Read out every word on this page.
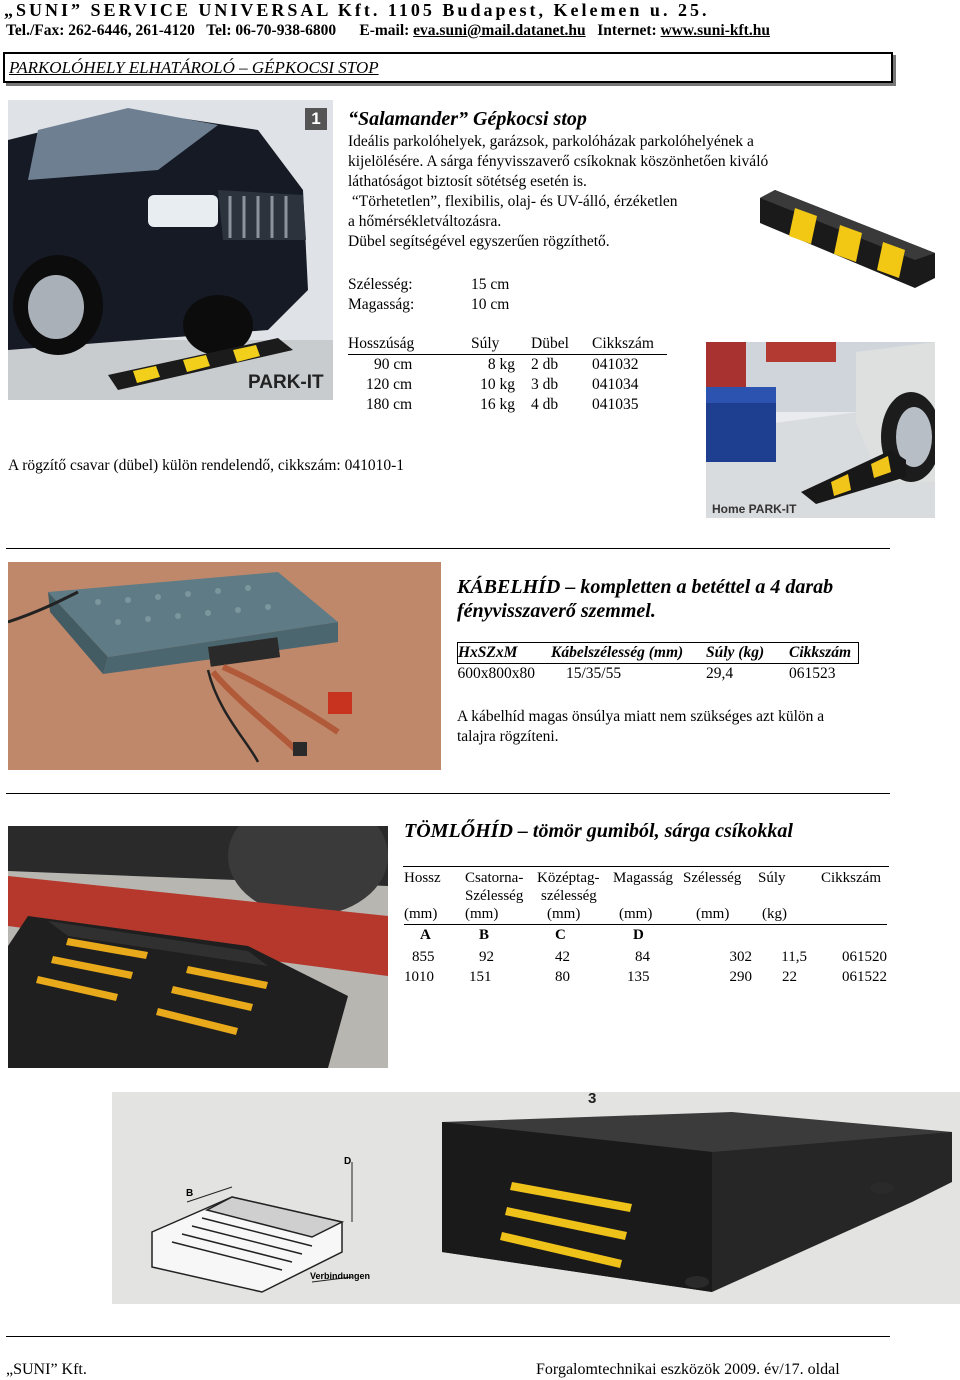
„SUNI” SERVICE UNIVERSAL Kft. 1105 Budapest, Kelemen u. 25.
Tel./Fax: 262-6446, 261-4120 Tel: 06-70-938-6800 E-mail: eva.suni@mail.datanet.hu Internet: www.suni-kft.hu
PARKOLÓHELY ELHATÁROLÓ – GÉPKOCSI STOP
PARK-IT
1	“Salamander” Gépkocsi stop
Ideális parkolóhelyek, garázsok, parkolóházak parkolóhelyének a
kijelölésére. A sárga fényvisszaverő csíkoknak köszönhetően kiváló
láthatóságot biztosít sötétség esetén is.
“Törhetetlen”, flexibilis, olaj- és UV-álló, érzéketlen
a hőmérsékletváltozásra.
Dübel segítségével egyszerűen rögzíthető.
Szélesség:	15 cm
Magasság:	10 cm
Hosszúság	Súly	Dübel	Cikkszám
90 cm	8 kg	2 db	041032
120 cm	10 kg	3 db	041034
180 cm	16 kg	4 db	041035
Home PARK-IT
A rögzítő csavar (dübel) külön rendelendő, cikkszám: 041010-1
KÁBELHÍD – kompletten a betéttel a 4 darab
fényvisszaverő szemmel.
HxSZxM	Kábelszélesség (mm)	Súly (kg)	Cikkszám
600x800x80	15/35/55	29,4	061523
A kábelhíd magas önsúlya miatt nem szükséges azt külön a
talajra rögzíteni.
TÖMLŐHÍD – tömör gumiból, sárga csíkokkal
Hossz	Csatorna-	Középtag-	Magasság	Szélesség	Súly	Cikkszám
	Szélesség	szélesség				
(mm)	(mm)	(mm)	(mm)	(mm)	(kg)	
A	B	C	D			
855	92	42	84	302	11,5	061520
1010	151	80	135	290	22	061522
3
B
D
Verbindungen
„SUNI” Kft.	Forgalomtechnikai eszközök 2009. év/17. oldal
